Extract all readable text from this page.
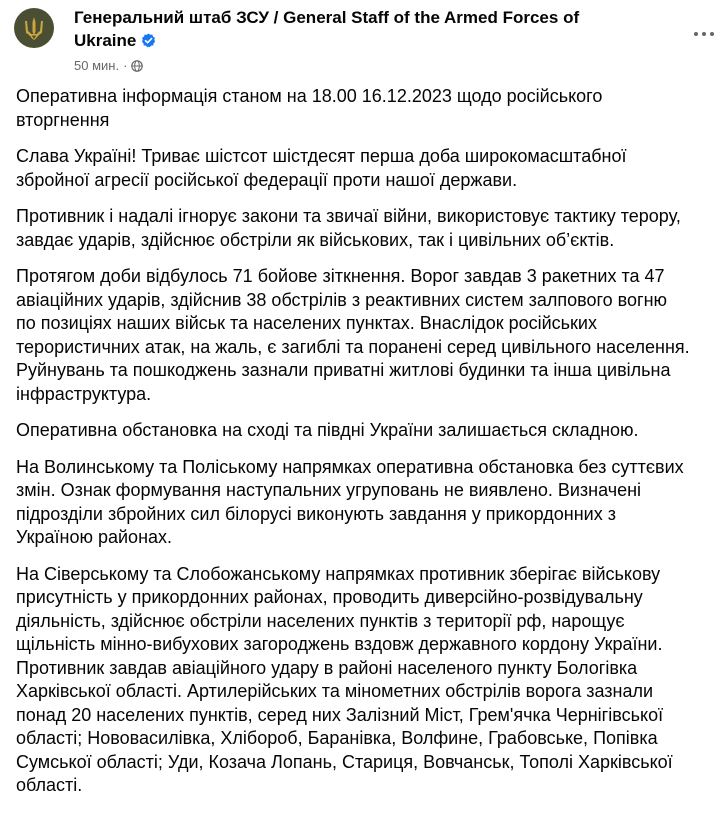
Генеральний штаб ЗСУ / General Staff of the Armed Forces of Ukraine
50 мин. ·

Оперативна інформація станом на 18.00 16.12.2023 щодо російського
вторгнення

Слава Україні! Триває шістсот шістдесят перша доба широкомасштабної
збройної агресії російської федерації проти нашої держави.

Противник і надалі ігнорує закони та звичаї війни, використовує тактику терору,
завдає ударів, здійснює обстріли як військових, так і цивільних об’єктів.

Протягом доби відбулось 71 бойове зіткнення. Ворог завдав 3 ракетних та 47
авіаційних ударів, здійснив 38 обстрілів з реактивних систем залпового вогню
по позиціях наших військ та населених пунктах. Внаслідок російських
терористичних атак, на жаль, є загиблі та поранені серед цивільного населення.
Руйнувань та пошкоджень зазнали приватні житлові будинки та інша цивільна
інфраструктура.

Оперативна обстановка на сході та півдні України залишається складною.

На Волинському та Поліському напрямках оперативна обстановка без суттєвих
змін. Ознак формування наступальних угруповань не виявлено. Визначені
підрозділи збройних сил білорусі виконують завдання у прикордонних з
Україною районах.

На Сіверському та Слобожанському напрямках противник зберігає військову
присутність у прикордонних районах, проводить диверсійно-розвідувальну
діяльність, здійснює обстріли населених пунктів з території рф, нарощує
щільність мінно-вибухових загороджень вздовж державного кордону України.
Противник завдав авіаційного удару в районі населеного пункту Бологівка
Харківської області. Артилерійських та мінометних обстрілів ворога зазнали
понад 20 населених пунктів, серед них Залізний Міст, Грем'ячка Чернігівської
області; Нововасилівка, Хлібороб, Баранівка, Волфине, Грабовське, Попівка
Сумської області; Уди, Козача Лопань, Стариця, Вовчанськ, Тополі Харківської
області.
